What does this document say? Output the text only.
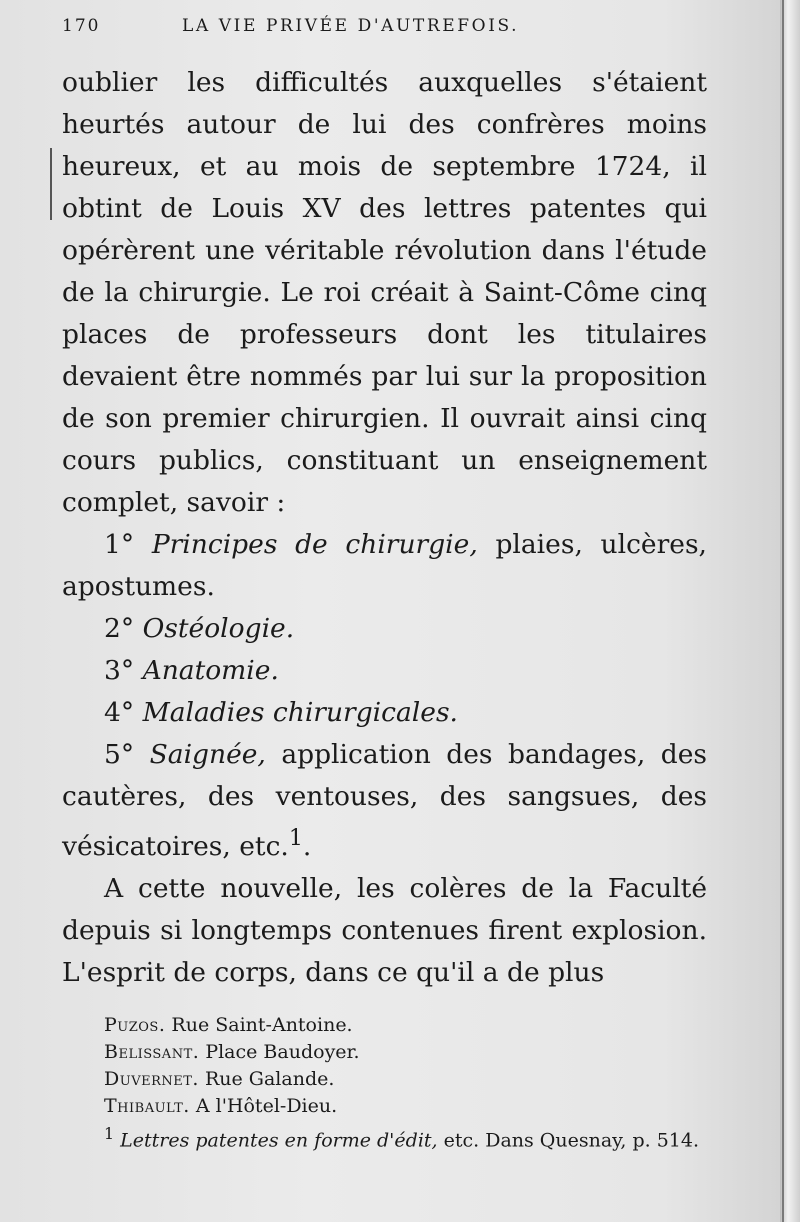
170	LA VIE PRIVÉE D'AUTREFOIS.

oublier les difficultés auxquelles s'étaient heurtés autour de lui des confrères moins heureux, et au mois de septembre 1724, il obtint de Louis XV des lettres patentes qui opérèrent une véritable révolution dans l'étude de la chirurgie. Le roi créait à Saint-Côme cinq places de professeurs dont les titulaires devaient être nommés par lui sur la proposition de son premier chirurgien. Il ouvrait ainsi cinq cours publics, constituant un enseignement complet, savoir :

1° Principes de chirurgie, plaies, ulcères, apostumes.

2° Ostéologie.

3° Anatomie.

4° Maladies chirurgicales.

5° Saignée, application des bandages, des cautères, des ventouses, des sangsues, des vésicatoires, etc.$^1$.

A cette nouvelle, les colères de la Faculté depuis si longtemps contenues firent explosion. L'esprit de corps, dans ce qu'il a de plus

Puzos. Rue Saint-Antoine.

Belissant. Place Baudoyer.

Duvernet. Rue Galande.

Thibault. A l'Hôtel-Dieu.

$^1$ Lettres patentes en forme d'édit, etc. Dans Quesnay, p. 514.
